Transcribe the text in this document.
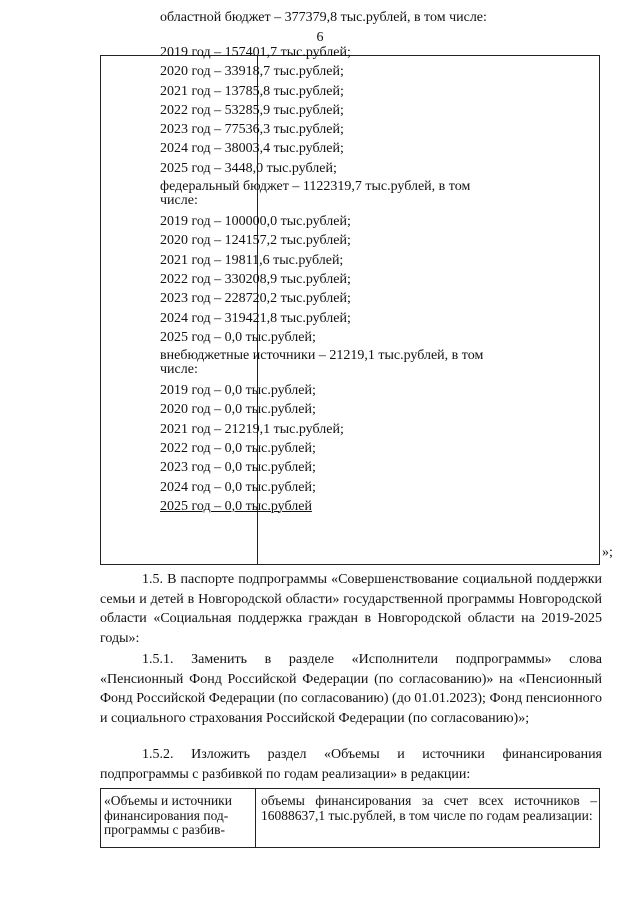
6
областной бюджет – 377379,8 тыс.рублей, в том числе:
2019 год – 157401,7 тыс.рублей;
2020 год – 33918,7 тыс.рублей;
2021 год – 13785,8 тыс.рублей;
2022 год – 53285,9 тыс.рублей;
2023 год – 77536,3 тыс.рублей;
2024 год – 38003,4 тыс.рублей;
2025 год – 3448,0 тыс.рублей;
федеральный бюджет – 1122319,7 тыс.рублей, в том числе:
2019 год – 100000,0 тыс.рублей;
2020 год – 124157,2 тыс.рублей;
2021 год – 19811,6 тыс.рублей;
2022 год – 330208,9 тыс.рублей;
2023 год – 228720,2 тыс.рублей;
2024 год – 319421,8 тыс.рублей;
2025 год – 0,0 тыс.рублей;
внебюджетные источники – 21219,1 тыс.рублей, в том числе:
2019 год – 0,0 тыс.рублей;
2020 год – 0,0 тыс.рублей;
2021 год – 21219,1 тыс.рублей;
2022 год – 0,0 тыс.рублей;
2023 год – 0,0 тыс.рублей;
2024 год – 0,0 тыс.рублей;
2025 год – 0,0 тыс.рублей
»;
1.5. В паспорте подпрограммы «Совершенствование социальной поддержки семьи и детей в Новгородской области» государственной программы Новгородской области «Социальная поддержка граждан в Новгородской области на 2019-2025 годы»:
1.5.1. Заменить в разделе «Исполнители подпрограммы» слова «Пенсионный Фонд Российской Федерации (по согласованию)» на «Пенсионный Фонд Российской Федерации (по согласованию) (до 01.01.2023); Фонд пенсионного и социального страхования Российской Федерации (по согласованию)»;
1.5.2. Изложить раздел «Объемы и источники финансирования подпрограммы с разбивкой по годам реализации» в редакции:
«Объемы и источники финансирования под-программы с разбив-
объемы финансирования за счет всех источников – 16088637,1 тыс.рублей, в том числе по годам реализации:
